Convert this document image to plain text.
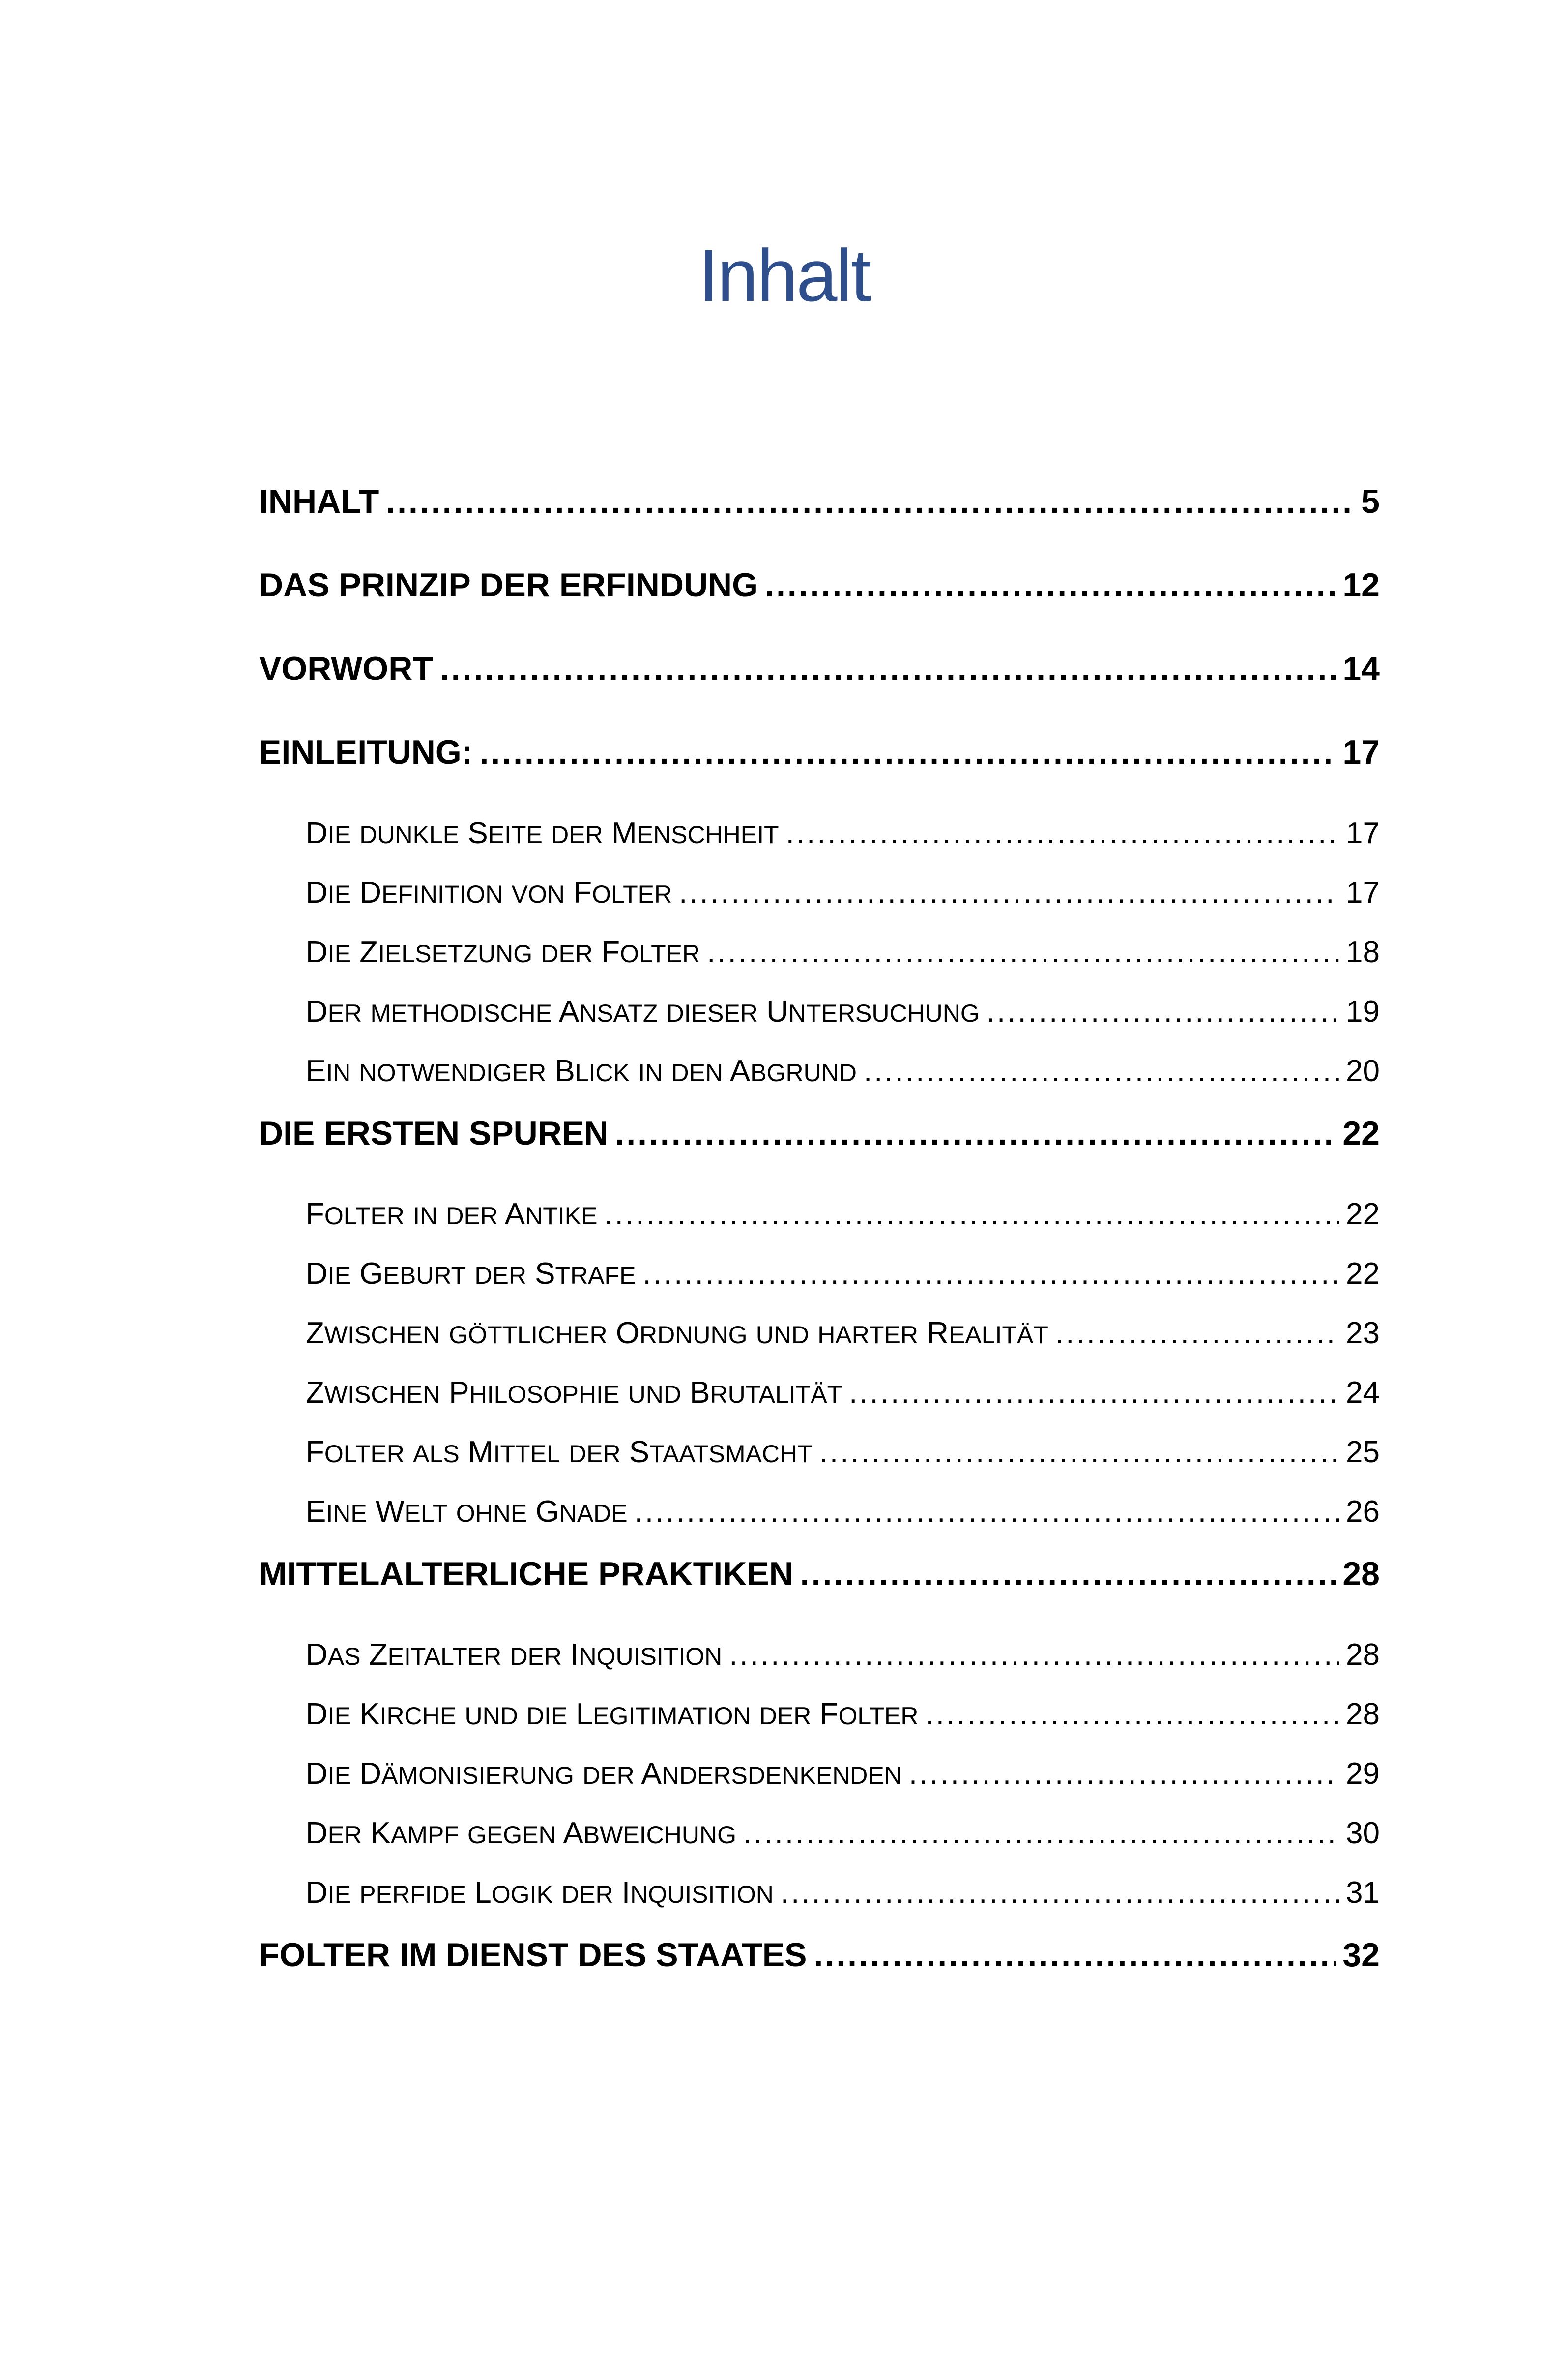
Inhalt
INHALT .....	5
DAS PRINZIP DER ERFINDUNG .....	12
VORWORT .....	14
EINLEITUNG: .....	17
DIE DUNKLE SEITE DER MENSCHHEIT .....	17
DIE DEFINITION VON FOLTER .....	17
DIE ZIELSETZUNG DER FOLTER .....	18
DER METHODISCHE ANSATZ DIESER UNTERSUCHUNG .....	19
EIN NOTWENDIGER BLICK IN DEN ABGRUND .....	20
DIE ERSTEN SPUREN .....	22
FOLTER IN DER ANTIKE .....	22
DIE GEBURT DER STRAFE .....	22
ZWISCHEN GÖTTLICHER ORDNUNG UND HARTER REALITÄT .....	23
ZWISCHEN PHILOSOPHIE UND BRUTALITÄT .....	24
FOLTER ALS MITTEL DER STAATSMACHT .....	25
EINE WELT OHNE GNADE .....	26
MITTELALTERLICHE PRAKTIKEN .....	28
DAS ZEITALTER DER INQUISITION .....	28
DIE KIRCHE UND DIE LEGITIMATION DER FOLTER .....	28
DIE DÄMONISIERUNG DER ANDERSDENKENDEN .....	29
DER KAMPF GEGEN ABWEICHUNG .....	30
DIE PERFIDE LOGIK DER INQUISITION .....	31
FOLTER IM DIENST DES STAATES .....	32
